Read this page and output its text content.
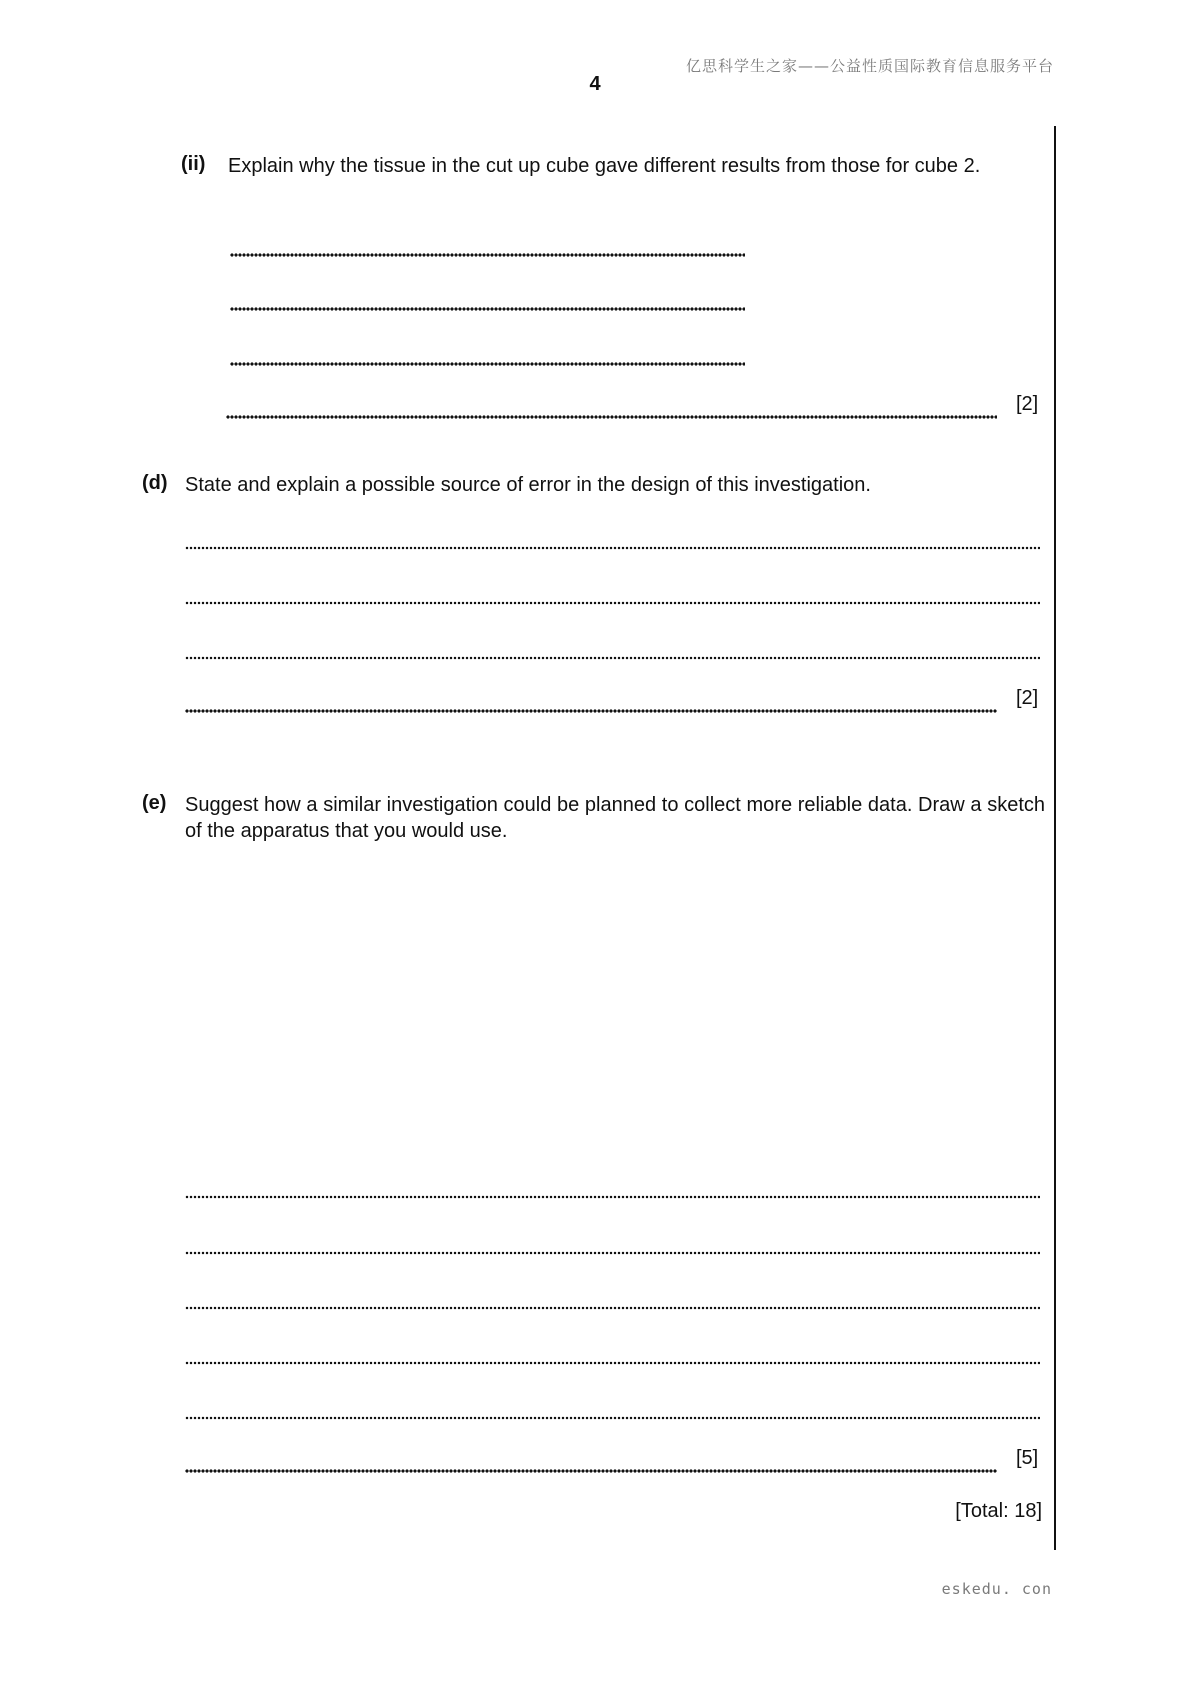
亿思科学生之家——公益性质国际教育信息服务平台
4
(ii) Explain why the tissue in the cut up cube gave different results from those for cube 2.
[2]
(d) State and explain a possible source of error in the design of this investigation.
[2]
(e) Suggest how a similar investigation could be planned to collect more reliable data. Draw a sketch of the apparatus that you would use.
[5]
[Total: 18]
eskedu. con
